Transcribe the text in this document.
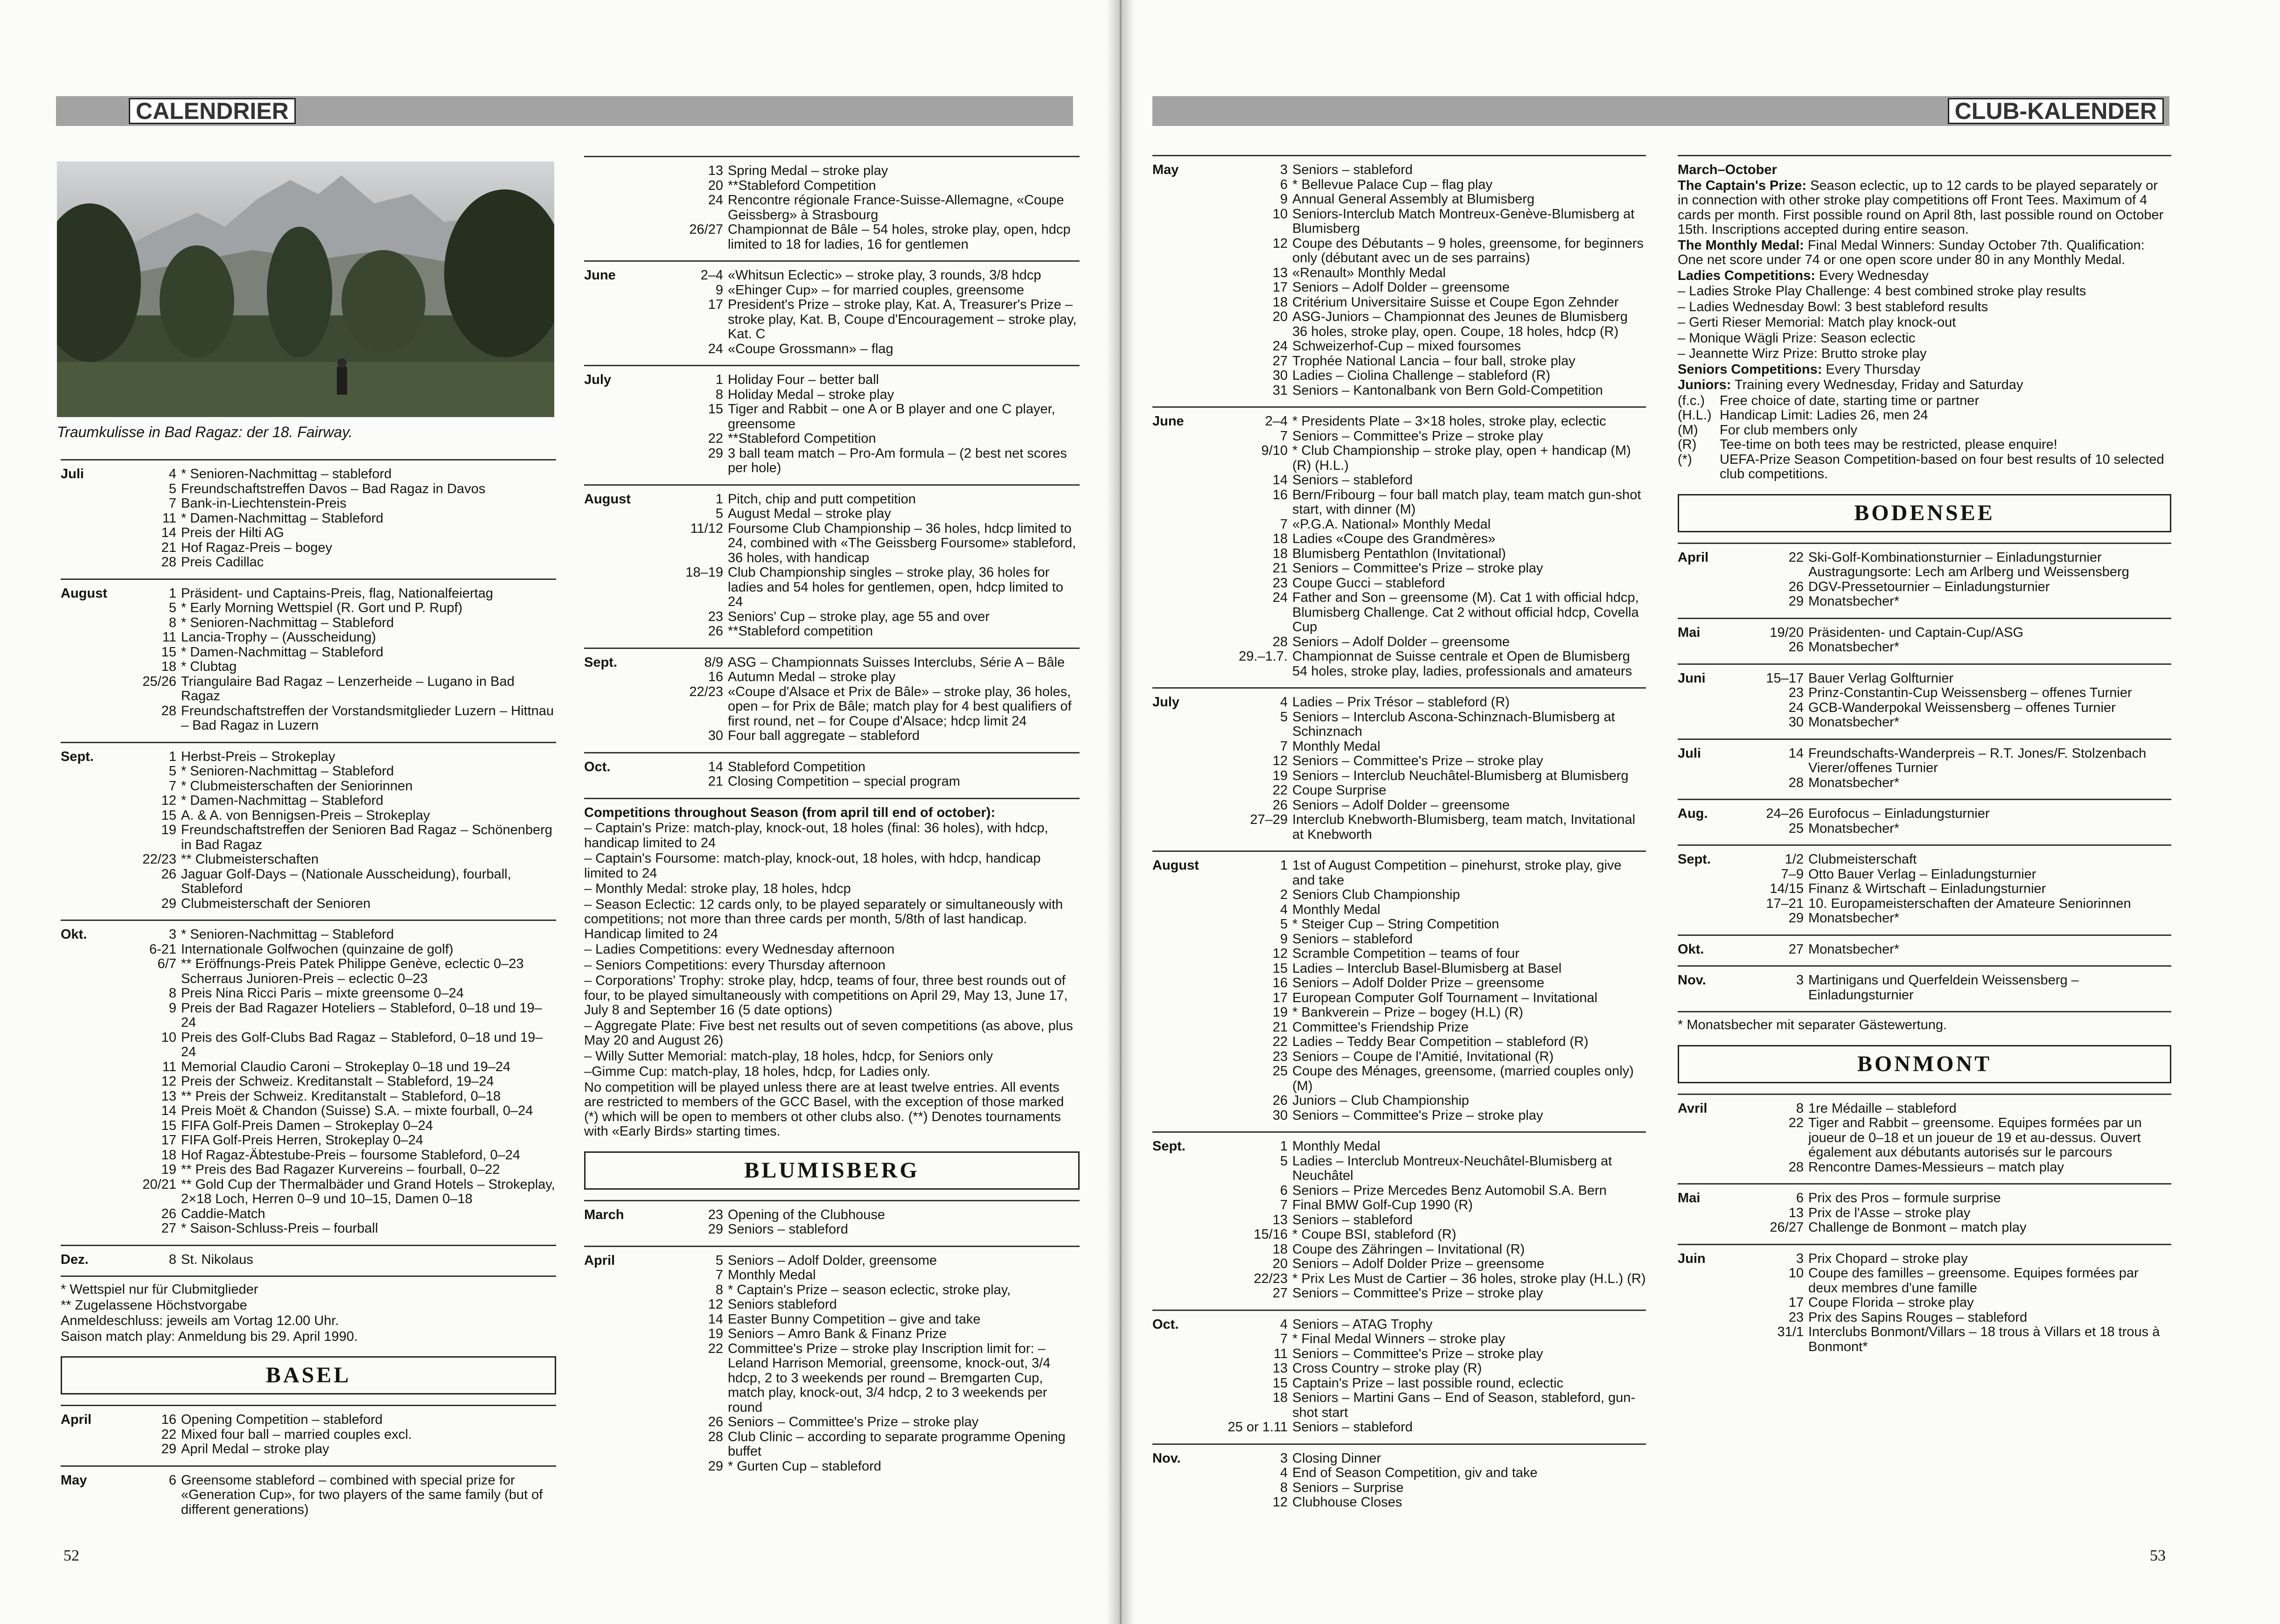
CALENDRIER
Traumkulisse in Bad Ragaz: der 18. Fairway.
Juli	4 * Senioren-Nachmittag – stableford
5 Freundschaftstreffen Davos – Bad Ragaz in Davos
7 Bank-in-Liechtenstein-Preis
11 * Damen-Nachmittag – Stableford
14 Preis der Hilti AG
21 Hof Ragaz-Preis – bogey
28 Preis Cadillac
August	1 Präsident- und Captains-Preis, flag, Nationalfeiertag
5 * Early Morning Wettspiel (R. Gort und P. Rupf)
8 * Senioren-Nachmittag – Stableford
11 Lancia-Trophy – (Ausscheidung)
15 * Damen-Nachmittag – Stableford
18 * Clubtag
25/26 Triangulaire Bad Ragaz – Lenzerheide – Lugano in Bad Ragaz
28 Freundschaftstreffen der Vorstandsmitglieder Luzern – Hittnau – Bad Ragaz in Luzern
Sept.	1 Herbst-Preis – Strokeplay
5 * Senioren-Nachmittag – Stableford
7 * Clubmeisterschaften der Seniorinnen
12 * Damen-Nachmittag – Stableford
15 A. & A. von Bennigsen-Preis – Strokeplay
19 Freundschaftstreffen der Senioren Bad Ragaz – Schönenberg in Bad Ragaz
22/23 ** Clubmeisterschaften
26 Jaguar Golf-Days – (Nationale Ausscheidung), fourball, Stableford
29 Clubmeisterschaft der Senioren
Okt.	3 * Senioren-Nachmittag – Stableford
6-21 Internationale Golfwochen (quinzaine de golf)
6/7 ** Eröffnungs-Preis Patek Philippe Genève, eclectic 0–23 Scherraus Junioren-Preis – eclectic 0–23
8 Preis Nina Ricci Paris – mixte greensome 0–24
9 Preis der Bad Ragazer Hoteliers – Stableford, 0–18 und 19–24
10 Preis des Golf-Clubs Bad Ragaz – Stableford, 0–18 und 19–24
11 Memorial Claudio Caroni – Strokeplay 0–18 und 19–24
12 Preis der Schweiz. Kreditanstalt – Stableford, 19–24
13 ** Preis der Schweiz. Kreditanstalt – Stableford, 0–18
14 Preis Moët & Chandon (Suisse) S.A. – mixte fourball, 0–24
15 FIFA Golf-Preis Damen – Strokeplay 0–24
17 FIFA Golf-Preis Herren, Strokeplay 0–24
18 Hof Ragaz-Äbtestube-Preis – foursome Stableford, 0–24
19 ** Preis des Bad Ragazer Kurvereins – fourball, 0–22
20/21 ** Gold Cup der Thermalbäder und Grand Hotels – Strokeplay, 2×18 Loch, Herren 0–9 und 10–15, Damen 0–18
26 Caddie-Match
27 * Saison-Schluss-Preis – fourball
Dez.	8 St. Nikolaus
* Wettspiel nur für Clubmitglieder
** Zugelassene Höchstvorgabe
Anmeldeschluss: jeweils am Vortag 12.00 Uhr.
Saison match play: Anmeldung bis 29. April 1990.
BASEL
April	16 Opening Competition – stableford
22 Mixed four ball – married couples excl.
29 April Medal – stroke play
May	6 Greensome stableford – combined with special prize for «Generation Cup», for two players of the same family (but of different generations)
13 Spring Medal – stroke play
20 **Stableford Competition
24 Rencontre régionale France-Suisse-Allemagne, «Coupe Geissberg» à Strasbourg
26/27 Championnat de Bâle – 54 holes, stroke play, open, hdcp limited to 18 for ladies, 16 for gentlemen
June	2–4 «Whitsun Eclectic» – stroke play, 3 rounds, 3/8 hdcp
9 «Ehinger Cup» – for married couples, greensome
17 President's Prize – stroke play, Kat. A, Treasurer's Prize – stroke play, Kat. B, Coupe d'Encouragement – stroke play, Kat. C
24 «Coupe Grossmann» – flag
July	1 Holiday Four – better ball
8 Holiday Medal – stroke play
15 Tiger and Rabbit – one A or B player and one C player, greensome
22 **Stableford Competition
29 3 ball team match – Pro-Am formula – (2 best net scores per hole)
August	1 Pitch, chip and putt competition
5 August Medal – stroke play
11/12 Foursome Club Championship – 36 holes, hdcp limited to 24, combined with «The Geissberg Foursome» stableford, 36 holes, with handicap
18–19 Club Championship singles – stroke play, 36 holes for ladies and 54 holes for gentlemen, open, hdcp limited to 24
23 Seniors' Cup – stroke play, age 55 and over
26 **Stableford competition
Sept.	8/9 ASG – Championnats Suisses Interclubs, Série A – Bâle
16 Autumn Medal – stroke play
22/23 «Coupe d'Alsace et Prix de Bâle» – stroke play, 36 holes, open – for Prix de Bâle; match play for 4 best qualifiers of first round, net – for Coupe d'Alsace; hdcp limit 24
30 Four ball aggregate – stableford
Oct.	14 Stableford Competition
21 Closing Competition – special program
Competitions throughout Season (from april till end of october):
– Captain's Prize: match-play, knock-out, 18 holes (final: 36 holes), with hdcp, handicap limited to 24
– Captain's Foursome: match-play, knock-out, 18 holes, with hdcp, handicap limited to 24
– Monthly Medal: stroke play, 18 holes, hdcp
– Season Eclectic: 12 cards only, to be played separately or simultaneously with competitions; not more than three cards per month, 5/8th of last handicap. Handicap limited to 24
– Ladies Competitions: every Wednesday afternoon
– Seniors Competitions: every Thursday afternoon
– Corporations' Trophy: stroke play, hdcp, teams of four, three best rounds out of four, to be played simultaneously with competitions on April 29, May 13, June 17, July 8 and September 16 (5 date options)
– Aggregate Plate: Five best net results out of seven competitions (as above, plus May 20 and August 26)
– Willy Sutter Memorial: match-play, 18 holes, hdcp, for Seniors only
–Gimme Cup: match-play, 18 holes, hdcp, for Ladies only.
No competition will be played unless there are at least twelve entries. All events are restricted to members of the GCC Basel, with the exception of those marked (*) which will be open to members ot other clubs also. (**) Denotes tournaments with «Early Birds» starting times.
BLUMISBERG
March	23 Opening of the Clubhouse
29 Seniors – stableford
April	5 Seniors – Adolf Dolder, greensome
7 Monthly Medal
8 * Captain's Prize – season eclectic, stroke play,
12 Seniors stableford
14 Easter Bunny Competition – give and take
19 Seniors – Amro Bank & Finanz Prize
22 Committee's Prize – stroke play Inscription limit for: – Leland Harrison Memorial, greensome, knock-out, 3/4 hdcp, 2 to 3 weekends per round – Bremgarten Cup, match play, knock-out, 3/4 hdcp, 2 to 3 weekends per round
26 Seniors – Committee's Prize – stroke play
28 Club Clinic – according to separate programme Opening buffet
29 * Gurten Cup – stableford
52
CLUB-KALENDER
May	3 Seniors – stableford
6 * Bellevue Palace Cup – flag play
9 Annual General Assembly at Blumisberg
10 Seniors-Interclub Match Montreux-Genève-Blumisberg at Blumisberg
12 Coupe des Débutants – 9 holes, greensome, for beginners only (débutant avec un de ses parrains)
13 «Renault» Monthly Medal
17 Seniors – Adolf Dolder – greensome
18 Critérium Universitaire Suisse et Coupe Egon Zehnder
20 ASG-Juniors – Championnat des Jeunes de Blumisberg 36 holes, stroke play, open. Coupe, 18 holes, hdcp (R)
24 Schweizerhof-Cup – mixed foursomes
27 Trophée National Lancia – four ball, stroke play
30 Ladies – Ciolina Challenge – stableford (R)
31 Seniors – Kantonalbank von Bern Gold-Competition
June	2–4 * Presidents Plate – 3×18 holes, stroke play, eclectic
7 Seniors – Committee's Prize – stroke play
9/10 * Club Championship – stroke play, open + handicap (M) (R) (H.L.)
14 Seniors – stableford
16 Bern/Fribourg – four ball match play, team match gun-shot start, with dinner (M)
7 «P.G.A. National» Monthly Medal
18 Ladies «Coupe des Grandmères»
18 Blumisberg Pentathlon (Invitational)
21 Seniors – Committee's Prize – stroke play
23 Coupe Gucci – stableford
24 Father and Son – greensome (M). Cat 1 with official hdcp, Blumisberg Challenge. Cat 2 without official hdcp, Covella Cup
28 Seniors – Adolf Dolder – greensome
29.–1.7. Championnat de Suisse centrale et Open de Blumisberg 54 holes, stroke play, ladies, professionals and amateurs
July	4 Ladies – Prix Trésor – stableford (R)
5 Seniors – Interclub Ascona-Schinznach-Blumisberg at Schinznach
7 Monthly Medal
12 Seniors – Committee's Prize – stroke play
19 Seniors – Interclub Neuchâtel-Blumisberg at Blumisberg
22 Coupe Surprise
26 Seniors – Adolf Dolder – greensome
27–29 Interclub Knebworth-Blumisberg, team match, Invitational at Knebworth
August	1 1st of August Competition – pinehurst, stroke play, give and take
2 Seniors Club Championship
4 Monthly Medal
5 * Steiger Cup – String Competition
9 Seniors – stableford
12 Scramble Competition – teams of four
15 Ladies – Interclub Basel-Blumisberg at Basel
16 Seniors – Adolf Dolder Prize – greensome
17 European Computer Golf Tournament – Invitational
19 * Bankverein – Prize – bogey (H.L) (R)
21 Committee's Friendship Prize
22 Ladies – Teddy Bear Competition – stableford (R)
23 Seniors – Coupe de l'Amitié, Invitational (R)
25 Coupe des Ménages, greensome, (married couples only) (M)
26 Juniors – Club Championship
30 Seniors – Committee's Prize – stroke play
Sept.	1 Monthly Medal
5 Ladies – Interclub Montreux-Neuchâtel-Blumisberg at Neuchâtel
6 Seniors – Prize Mercedes Benz Automobil S.A. Bern
7 Final BMW Golf-Cup 1990 (R)
13 Seniors – stableford
15/16 * Coupe BSI, stableford (R)
18 Coupe des Zähringen – Invitational (R)
20 Seniors – Adolf Dolder Prize – greensome
22/23 * Prix Les Must de Cartier – 36 holes, stroke play (H.L.) (R)
27 Seniors – Committee's Prize – stroke play
Oct.	4 Seniors – ATAG Trophy
7 * Final Medal Winners – stroke play
11 Seniors – Committee's Prize – stroke play
13 Cross Country – stroke play (R)
15 Captain's Prize – last possible round, eclectic
18 Seniors – Martini Gans – End of Season, stableford, gun-shot start
25 or 1.11 Seniors – stableford
Nov.	3 Closing Dinner
4 End of Season Competition, giv and take
8 Seniors – Surprise
12 Clubhouse Closes
March–October
The Captain's Prize: Season eclectic, up to 12 cards to be played separately or in connection with other stroke play competitions off Front Tees. Maximum of 4 cards per month. First possible round on April 8th, last possible round on October 15th. Inscriptions accepted during entire season.
The Monthly Medal: Final Medal Winners: Sunday October 7th. Qualification: One net score under 74 or one open score under 80 in any Monthly Medal.
Ladies Competitions: Every Wednesday
– Ladies Stroke Play Challenge: 4 best combined stroke play results
– Ladies Wednesday Bowl: 3 best stableford results
– Gerti Rieser Memorial: Match play knock-out
– Monique Wägli Prize: Season eclectic
– Jeannette Wirz Prize: Brutto stroke play
Seniors Competitions: Every Thursday
Juniors: Training every Wednesday, Friday and Saturday
(f.c.)	Free choice of date, starting time or partner
(H.L.) Handicap Limit: Ladies 26, men 24
(M)	For club members only
(R)	Tee-time on both tees may be restricted, please enquire!
(*)	UEFA-Prize Season Competition-based on four best results of 10 selected club competitions.
BODENSEE
April	22 Ski-Golf-Kombinationsturnier – Einladungsturnier Austragungsorte: Lech am Arlberg und Weissensberg
26 DGV-Pressetournier – Einladungsturnier
29 Monatsbecher*
Mai	19/20 Präsidenten- und Captain-Cup/ASG
26 Monatsbecher*
Juni	15–17 Bauer Verlag Golfturnier
23 Prinz-Constantin-Cup Weissensberg – offenes Turnier
24 GCB-Wanderpokal Weissensberg – offenes Turnier
30 Monatsbecher*
Juli	14 Freundschafts-Wanderpreis – R.T. Jones/F. Stolzenbach Vierer/offenes Turnier
28 Monatsbecher*
Aug.	24–26 Eurofocus – Einladungsturnier
25 Monatsbecher*
Sept.	1/2 Clubmeisterschaft
7–9 Otto Bauer Verlag – Einladungsturnier
14/15 Finanz & Wirtschaft – Einladungsturnier
17–21 10. Europameisterschaften der Amateure Seniorinnen
29 Monatsbecher*
Okt.	27 Monatsbecher*
Nov.	3 Martinigans und Querfeldein Weissensberg – Einladungsturnier
* Monatsbecher mit separater Gästewertung.
BONMONT
Avril	8 1re Médaille – stableford
22 Tiger and Rabbit – greensome. Equipes formées par un joueur de 0–18 et un joueur de 19 et au-dessus. Ouvert également aux débutants autorisés sur le parcours
28 Rencontre Dames-Messieurs – match play
Mai	6 Prix des Pros – formule surprise
13 Prix de l'Asse – stroke play
26/27 Challenge de Bonmont – match play
Juin	3 Prix Chopard – stroke play
10 Coupe des familles – greensome. Equipes formées par deux membres d'une famille
17 Coupe Florida – stroke play
23 Prix des Sapins Rouges – stableford
31/1 Interclubs Bonmont/Villars – 18 trous à Villars et 18 trous à Bonmont*
53
